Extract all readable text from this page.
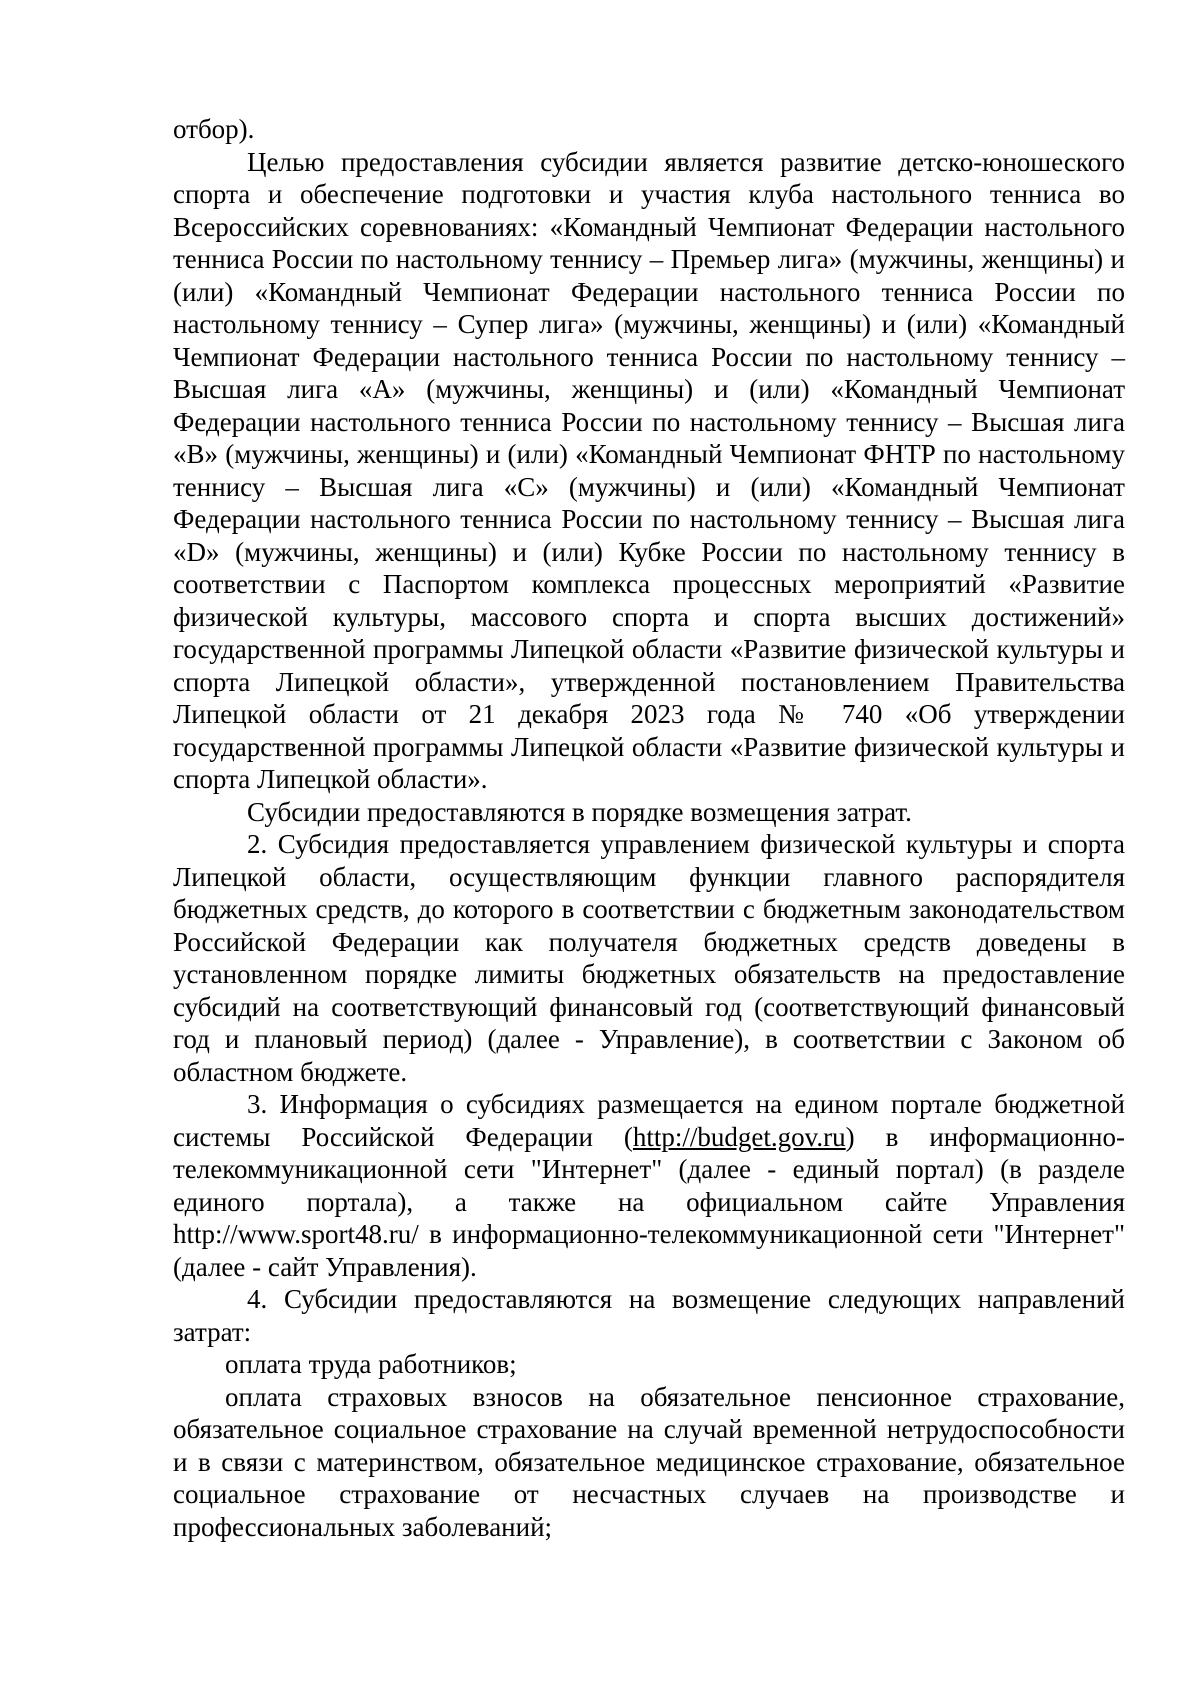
отбор).

Целью предоставления субсидии является развитие детско-юношеского спорта и обеспечение подготовки и участия клуба настольного тенниса во Всероссийских соревнованиях: «Командный Чемпионат Федерации настольного тенниса России по настольному теннису – Премьер лига» (мужчины, женщины) и (или) «Командный Чемпионат Федерации настольного тенниса России по настольному теннису – Супер лига» (мужчины, женщины) и (или) «Командный Чемпионат Федерации настольного тенниса России по настольному теннису – Высшая лига «А» (мужчины, женщины) и (или) «Командный Чемпионат Федерации настольного тенниса России по настольному теннису – Высшая лига «В» (мужчины, женщины) и (или) «Командный Чемпионат ФНТР по настольному теннису – Высшая лига «С» (мужчины) и (или) «Командный Чемпионат Федерации настольного тенниса России по настольному теннису – Высшая лига «D» (мужчины, женщины) и (или) Кубке России по настольному теннису в соответствии с Паспортом комплекса процессных мероприятий «Развитие физической культуры, массового спорта и спорта высших достижений» государственной программы Липецкой области «Развитие физической культуры и спорта Липецкой области», утвержденной постановлением Правительства Липецкой области от 21 декабря 2023 года № 740 «Об утверждении государственной программы Липецкой области «Развитие физической культуры и спорта Липецкой области».

Субсидии предоставляются в порядке возмещения затрат.

2. Субсидия предоставляется управлением физической культуры и спорта Липецкой области, осуществляющим функции главного распорядителя бюджетных средств, до которого в соответствии с бюджетным законодательством Российской Федерации как получателя бюджетных средств доведены в установленном порядке лимиты бюджетных обязательств на предоставление субсидий на соответствующий финансовый год (соответствующий финансовый год и плановый период) (далее - Управление), в соответствии с Законом об областном бюджете.

3. Информация о субсидиях размещается на едином портале бюджетной системы Российской Федерации (http://budget.gov.ru) в информационно-телекоммуникационной сети "Интернет" (далее - единый портал) (в разделе единого портала), а также на официальном сайте Управления http://www.sport48.ru/ в информационно-телекоммуникационной сети "Интернет" (далее - сайт Управления).

4. Субсидии предоставляются на возмещение следующих направлений затрат:

оплата труда работников;

оплата страховых взносов на обязательное пенсионное страхование, обязательное социальное страхование на случай временной нетрудоспособности и в связи с материнством, обязательное медицинское страхование, обязательное социальное страхование от несчастных случаев на производстве и профессиональных заболеваний;
